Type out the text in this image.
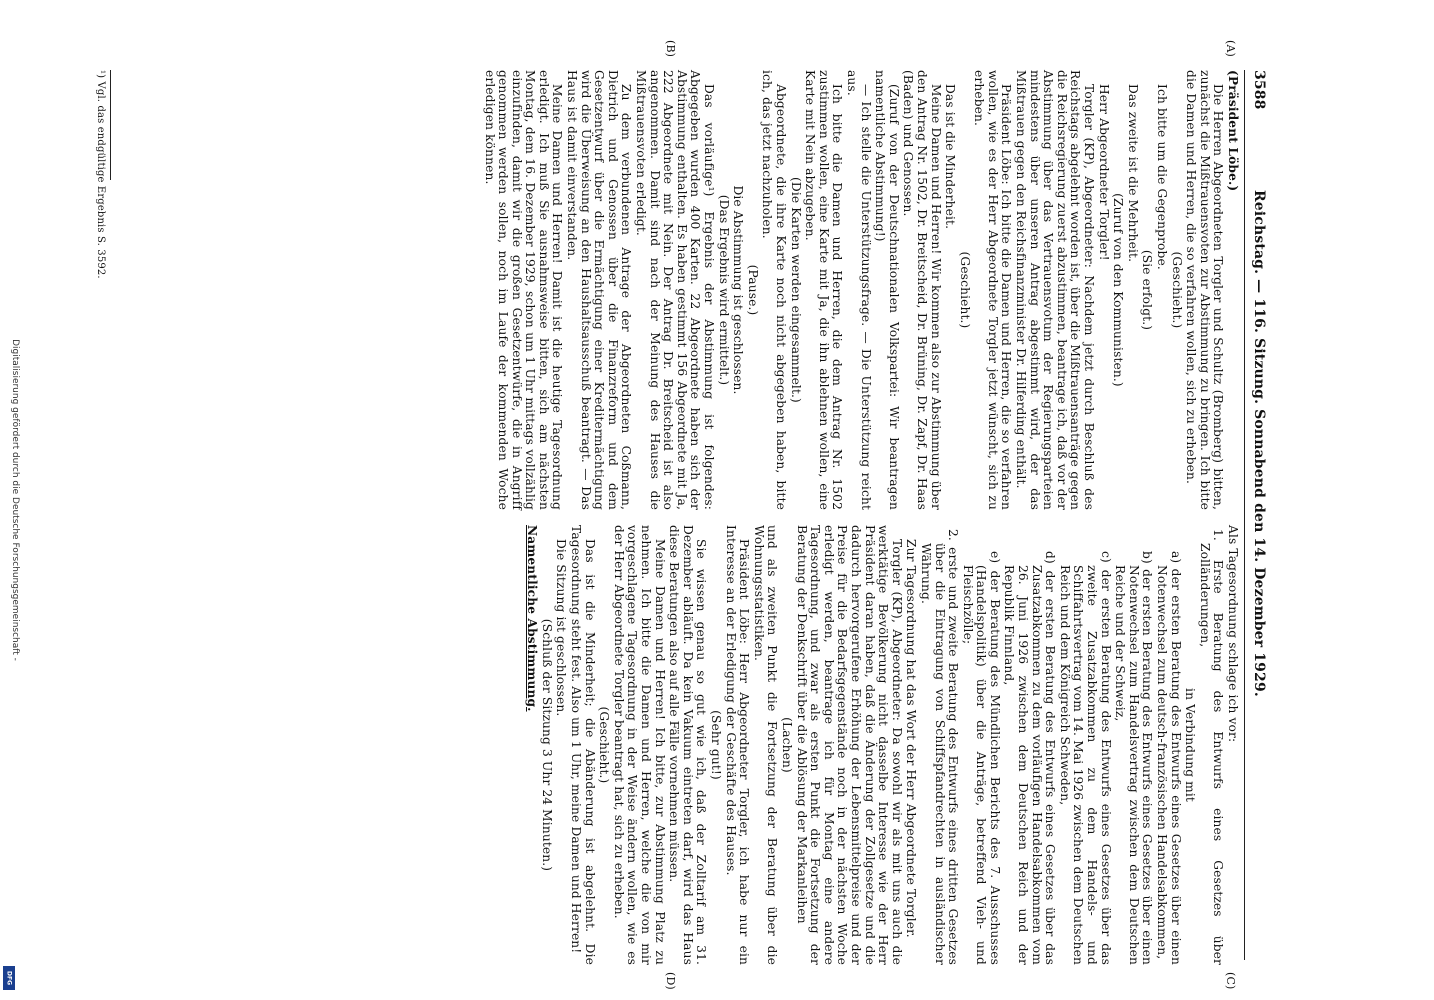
3588
Reichstag. — 116. Sitzung. Sonnabend den 14. Dezember 1929.
(A)
(B)
(C)
(D)

(Präsident Löbe.)

Die Herren Abgeordneten Torgler und Schultz (Bromberg) bitten, zunächst die Mißtrauensvoten zur Abstimmung zu bringen. Ich bitte die Damen und Herren, die so verfahren wollen, sich zu erheben.

(Geschieht.)

Ich bitte um die Gegenprobe.

(Sie erfolgt.)

Das zweite ist die Mehrheit.

(Zuruf von den Kommunisten.)

Herr Abgeordneter Torgler!

Torgler (KP), Abgeordneter: Nachdem jetzt durch Beschluß des Reichstags abgelehnt worden ist, über die Mißtrauensanträge gegen die Reichsregierung zuerst abzustimmen, beantrage ich, daß vor der Abstimmung über das Vertrauensvotum der Regierungsparteien mindestens über unseren Antrag abgestimmt wird, der das Mißtrauen gegen den Reichsfinanzminister Dr. Hilferding enthält.

Präsident Löbe: Ich bitte die Damen und Herren, die so verfahren wollen, wie es der Herr Abgeordnete Torgler jetzt wünscht, sich zu erheben.

(Geschieht.)

Das ist die Minderheit.

Meine Damen und Herren! Wir kommen also zur Abstimmung über den Antrag Nr. 1502, Dr. Breitscheid, Dr. Brüning, Dr. Zapf, Dr. Haas (Baden) und Genossen.

(Zuruf von der Deutschnationalen Volkspartei: Wir beantragen namentliche Abstimmung!)

— Ich stelle die Unterstützungsfrage. — Die Unterstützung reicht aus.

Ich bitte die Damen und Herren, die dem Antrag Nr. 1502 zustimmen wollen, eine Karte mit Ja, die ihn ablehnen wollen, eine Karte mit Nein abzugeben.

(Die Karten werden eingesammelt.)

Abgeordnete, die ihre Karte noch nicht abgegeben haben, bitte ich, das jetzt nachzuholen.

(Pause.)

Die Abstimmung ist geschlossen.

(Das Ergebnis wird ermittelt.)

Das vorläufige¹) Ergebnis der Abstimmung ist folgendes: Abgegeben wurden 400 Karten. 22 Abgeordnete haben sich der Abstimmung enthalten. Es haben gestimmt 156 Abgeordnete mit Ja, 222 Abgeordnete mit Nein. Der Antrag Dr. Breitscheid ist also angenommen. Damit sind nach der Meinung des Hauses die Mißtrauensvoten erledigt.

Zu dem verbundenen Antrage der Abgeordneten Coßmann, Dietrich und Genossen über die Finanzreform und dem Gesetzentwurf über die Ermächtigung einer Kreditermächtigung wird die Überweisung an den Haushaltsausschuß beantragt. — Das Haus ist damit einverstanden.

Meine Damen und Herren! Damit ist die heutige Tagesordnung erledigt. Ich muß Sie ausnahmsweise bitten, sich am nächsten Montag, dem 16. Dezember 1929, schon um 1 Uhr mittags vollzählig einzufinden, damit wir die großen Gesetzentwürfe, die in Angriff genommen werden sollen, noch im Laufe der kommenden Woche erledigen können.

¹) Vgl. das endgültige Ergebnis S. 3592.

Als Tagesordnung schlage ich vor:

1. Erste Beratung des Entwurfs eines Gesetzes über Zolländerungen,

in Verbindung mit

a) der ersten Beratung des Entwurfs eines Gesetzes über einen Notenwechsel zum deutsch-französischen Handelsabkommen,

b) der ersten Beratung des Entwurfs eines Gesetzes über einen Notenwechsel zum Handelsvertrag zwischen dem Deutschen Reiche und der Schweiz,

c) der ersten Beratung des Entwurfs eines Gesetzes über das zweite Zusatzabkommen zu dem Handels- und Schiffahrtsvertrag vom 14. Mai 1926 zwischen dem Deutschen Reich und dem Königreich Schweden,

d) der ersten Beratung des Entwurfs eines Gesetzes über das Zusatzabkommen zu dem vorläufigen Handelsabkommen vom 26. Juni 1926 zwischen dem Deutschen Reich und der Republik Finnland,

e) der Beratung des Mündlichen Berichts des 7. Ausschusses (Handelspolitik) über die Anträge, betreffend Vieh- und Fleischzölle;

2. erste und zweite Beratung des Entwurfs eines dritten Gesetzes über die Eintragung von Schiffspfandrechten in ausländischer Währung.

Zur Tagesordnung hat das Wort der Herr Abgeordnete Torgler.

Torgler (KP), Abgeordneter: Da sowohl wir als mit uns auch die werktätige Bevölkerung nicht dasselbe Interesse wie der Herr Präsident daran haben, daß die Änderung der Zollgesetze und die dadurch hervorgerufene Erhöhung der Lebensmittelpreise und der Preise für die Bedarfsgegenstände noch in der nächsten Woche erledigt werden, beantrage ich für Montag eine andere Tagesordnung, und zwar als ersten Punkt die Fortsetzung der Beratung der Denkschrift über die Ablösung der Markanleihen

(Lachen)

und als zweiten Punkt die Fortsetzung der Beratung über die Wohnungsstatistiken.

Präsident Löbe: Herr Abgeordneter Torgler, ich habe nur ein Interesse an der Erledigung der Geschäfte des Hauses.

(Sehr gut!)

Sie wissen genau so gut wie ich, daß der Zolltarif am 31. Dezember abläuft. Da kein Vakuum eintreten darf, wird das Haus diese Beratungen also auf alle Fälle vornehmen müssen.

Meine Damen und Herren! Ich bitte, zur Abstimmung Platz zu nehmen. Ich bitte die Damen und Herren, welche die von mir vorgeschlagene Tagesordnung in der Weise ändern wollen, wie es der Herr Abgeordnete Torgler beantragt hat, sich zu erheben.

(Geschieht.)

Das ist die Minderheit; die Abänderung ist abgelehnt. Die Tagesordnung steht fest. Also um 1 Uhr, meine Damen und Herren!

Die Sitzung ist geschlossen.

(Schluß der Sitzung 3 Uhr 24 Minuten.)

Namentliche Abstimmung.

Digitalisierung gefördert durch die Deutsche Forschungsgemeinschaft -
DFG
